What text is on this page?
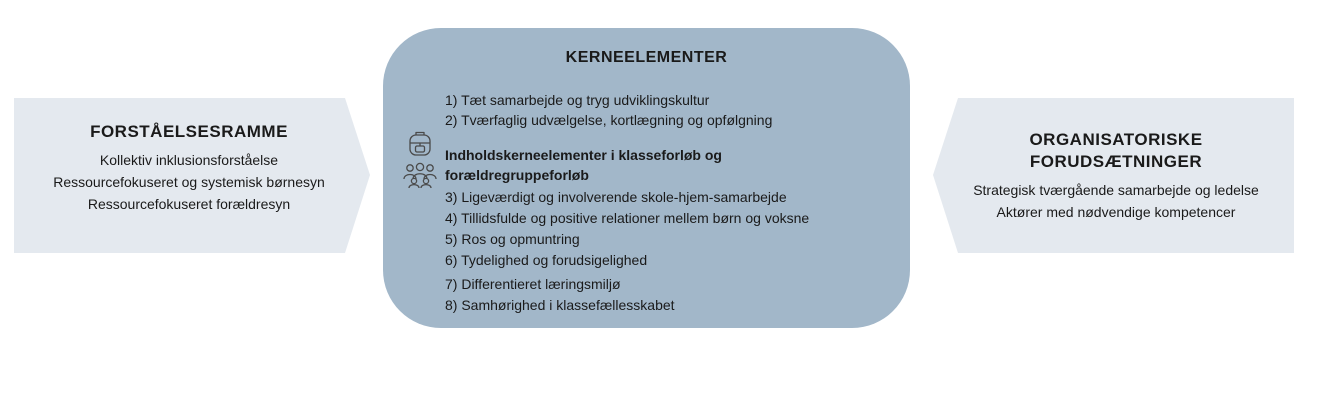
FORSTÅELSESRAMME
Kollektiv inklusionsforståelse
Ressourcefokuseret og systemisk børnesyn
Ressourcefokuseret forældresyn
KERNEELEMENTER
1) Tæt samarbejde og tryg udviklingskultur
2) Tværfaglig udvælgelse, kortlægning og opfølgning
Indholdskerneelementer i klasseforløb og forældregruppeforløb
3) Ligeværdigt og involverende skole-hjem-samarbejde
4) Tillidsfulde og positive relationer mellem børn og voksne
5) Ros og opmuntring
6) Tydelighed og forudsigelighed
7) Differentieret læringsmiljø
8) Samhørighed i klassefællesskabet
ORGANISATORISKE
FORUDSÆTNINGER
Strategisk tværgående samarbejde og ledelse
Aktører med nødvendige kompetencer
